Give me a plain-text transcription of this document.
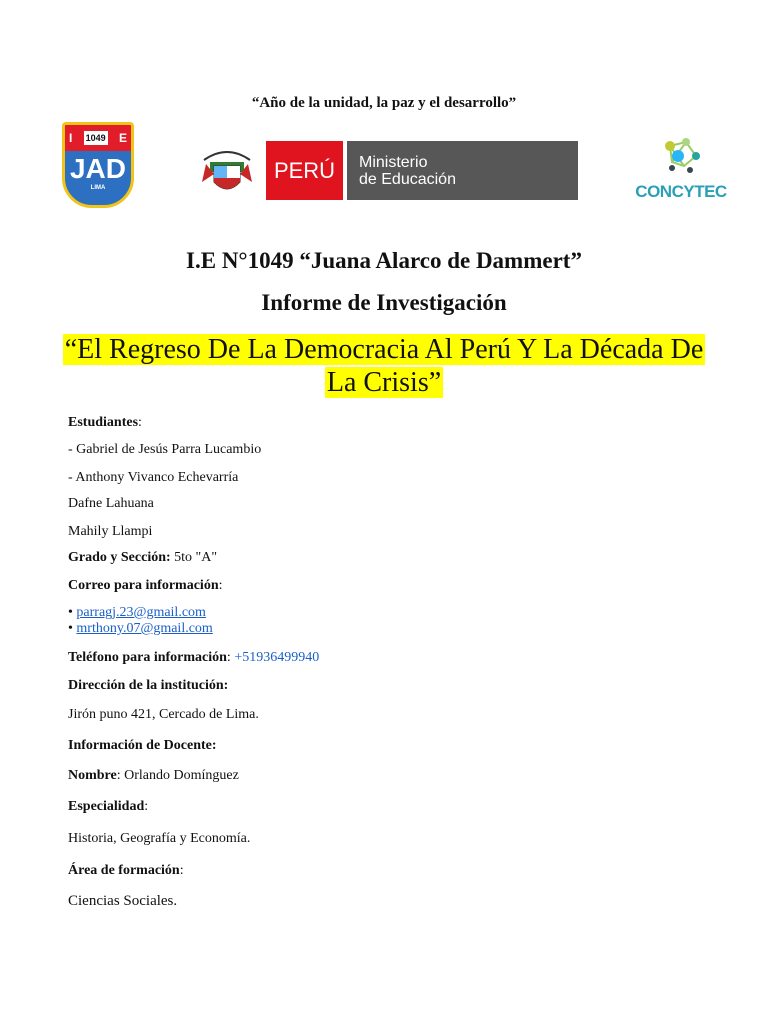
“Año de la unidad, la paz y el desarrollo”
I 1049 E
JAD
LIMA
PERÚ	Ministerio
de Educación
CONCYTEC
I.E N°1049 “Juana Alarco de Dammert”
Informe de Investigación
“El Regreso De La Democracia Al Perú Y La Década De
La Crisis”
Estudiantes:
- Gabriel de Jesús Parra Lucambio
- Anthony Vivanco Echevarría
Dafne Lahuana
Mahily Llampi
Grado y Sección: 5to "A"
Correo para información:
• parragj.23@gmail.com
• mrthony.07@gmail.com
Teléfono para información: +51936499940
Dirección de la institución:
Jirón puno 421, Cercado de Lima.
Información de Docente:
Nombre: Orlando Domínguez
Especialidad:
Historia, Geografía y Economía.
Área de formación:
Ciencias Sociales.
